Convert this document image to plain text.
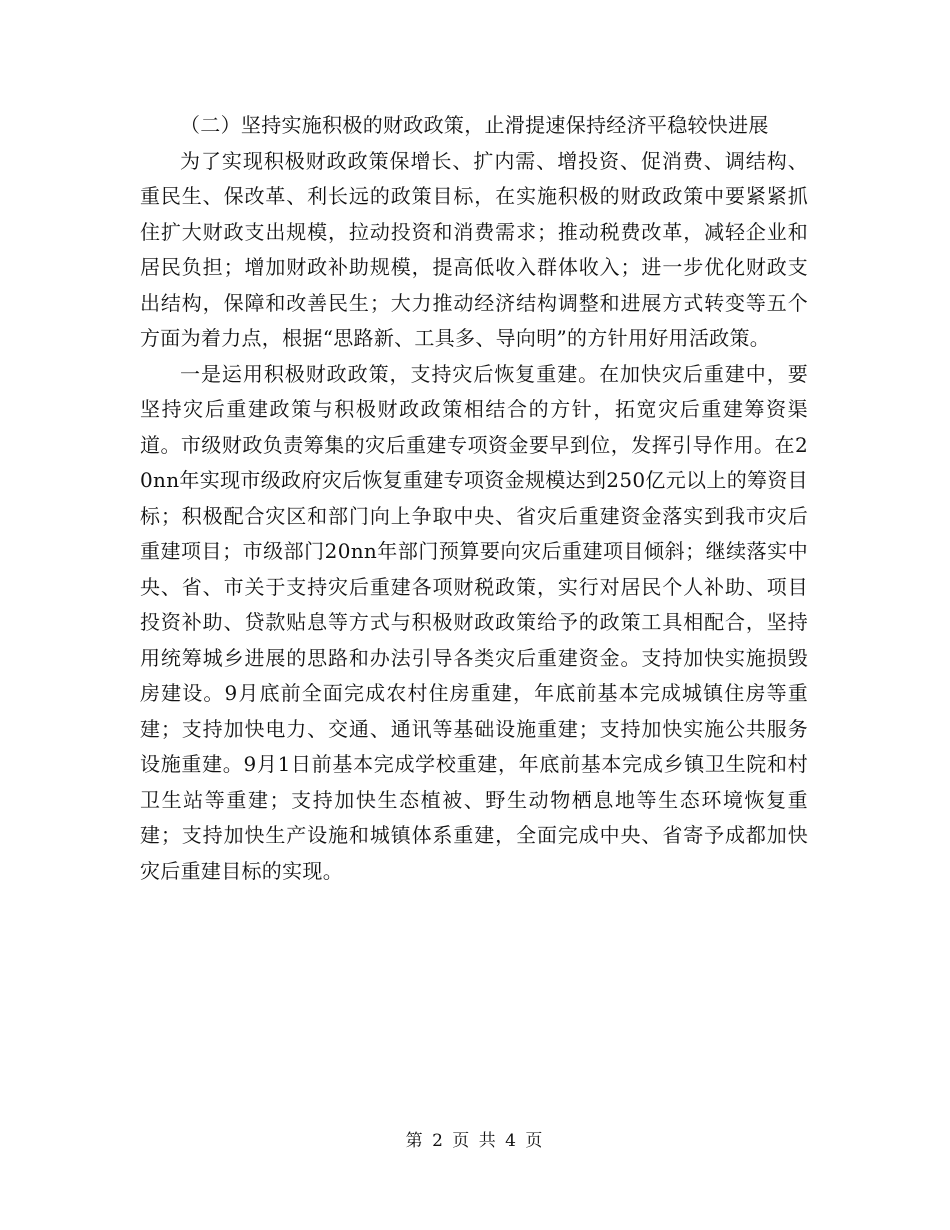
（二）坚持实施积极的财政政策，止滑提速保持经济平稳较快进展

为了实现积极财政政策保增长、扩内需、增投资、促消费、调结构、重民生、保改革、利长远的政策目标，在实施积极的财政政策中要紧紧抓住扩大财政支出规模，拉动投资和消费需求；推动税费改革，减轻企业和居民负担；增加财政补助规模，提高低收入群体收入；进一步优化财政支出结构，保障和改善民生；大力推动经济结构调整和进展方式转变等五个方面为着力点，根据“思路新、工具多、导向明”的方针用好用活政策。

一是运用积极财政政策，支持灾后恢复重建。在加快灾后重建中，要坚持灾后重建政策与积极财政政策相结合的方针，拓宽灾后重建筹资渠道。市级财政负责筹集的灾后重建专项资金要早到位，发挥引导作用。在20nn年实现市级政府灾后恢复重建专项资金规模达到250亿元以上的筹资目标；积极配合灾区和部门向上争取中央、省灾后重建资金落实到我市灾后重建项目；市级部门20nn年部门预算要向灾后重建项目倾斜；继续落实中央、省、市关于支持灾后重建各项财税政策，实行对居民个人补助、项目投资补助、贷款贴息等方式与积极财政政策给予的政策工具相配合，坚持用统筹城乡进展的思路和办法引导各类灾后重建资金。支持加快实施损毁房建设。9月底前全面完成农村住房重建，年底前基本完成城镇住房等重建；支持加快电力、交通、通讯等基础设施重建；支持加快实施公共服务设施重建。9月1日前基本完成学校重建，年底前基本完成乡镇卫生院和村卫生站等重建；支持加快生态植被、野生动物栖息地等生态环境恢复重建；支持加快生产设施和城镇体系重建，全面完成中央、省寄予成都加快灾后重建目标的实现。

第 2 页 共 4 页
